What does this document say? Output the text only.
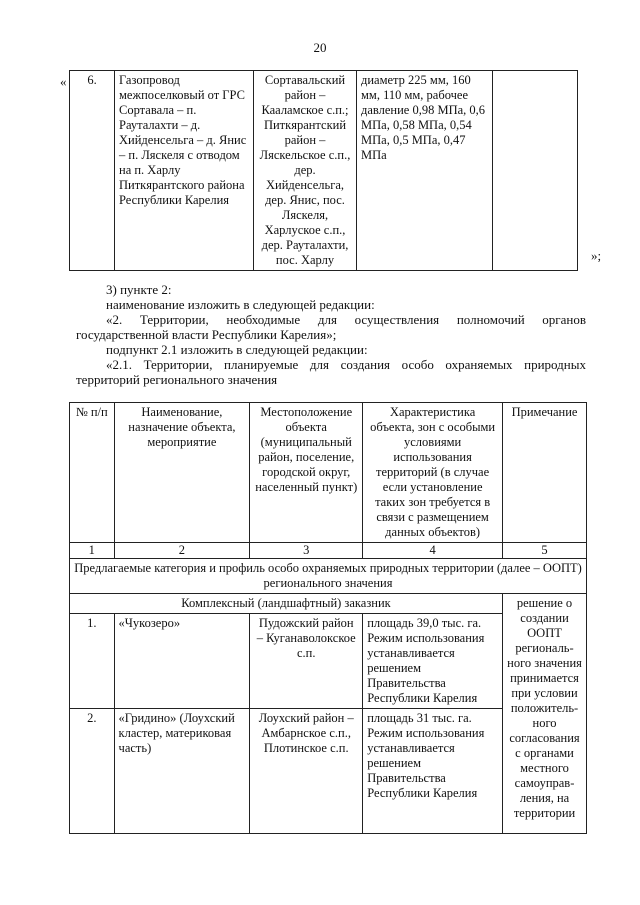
20
« 6.	Газопровод межпоселковый от ГРС Сортавала – п. Рауталахти – д. Хийденсельга – д. Янис – п. Ляскеля с отводом на п. Харлу Питкярантского района Республики Карелия	Сортавальский район – Кааламское с.п.; Питкярантский район – Ляскельское с.п., дер. Хийденсельга, дер. Янис, пос. Ляскеля, Харлуское с.п., дер. Рауталахти, пос. Харлу	диаметр 225 мм, 160 мм, 110 мм, рабочее давление 0,98 МПа, 0,6 МПа, 0,58 МПа, 0,54 МПа, 0,5 МПа, 0,47 МПа	
»;
3) пункте 2:
наименование изложить в следующей редакции:
«2. Территории, необходимые для осуществления полномочий органов
государственной власти Республики Карелия»;
подпункт 2.1 изложить в следующей редакции:
«2.1. Территории, планируемые для создания особо охраняемых природных
территорий регионального значения
№ п/п	Наименование, назначение объекта, мероприятие	Местоположение объекта (муниципальный район, поселение, городской округ, населенный пункт)	Характеристика объекта, зон с особыми условиями использования территорий (в случае если установление таких зон требуется в связи с размещением данных объектов)	Примечание
1	2	3	4	5
Предлагаемые категория и профиль особо охраняемых природных территории (далее – ООПТ) регионального значения				
Комплексный (ландшафтный) заказник				решение о создании ООПТ региональ-ного значения принимается при условии положитель-ного согласования с органами местного самоуправ-ления, на территории
1.	«Чукозеро»	Пудожский район – Куганаволокское с.п.	площадь 39,0 тыс. га. Режим использования устанавливается решением Правительства Республики Карелия	
2.	«Гридино» (Лоухский кластер, материковая часть)	Лоухский район – Амбарнское с.п., Плотинское с.п.	площадь 31 тыс. га. Режим использования устанавливается решением Правительства Республики Карелия	
